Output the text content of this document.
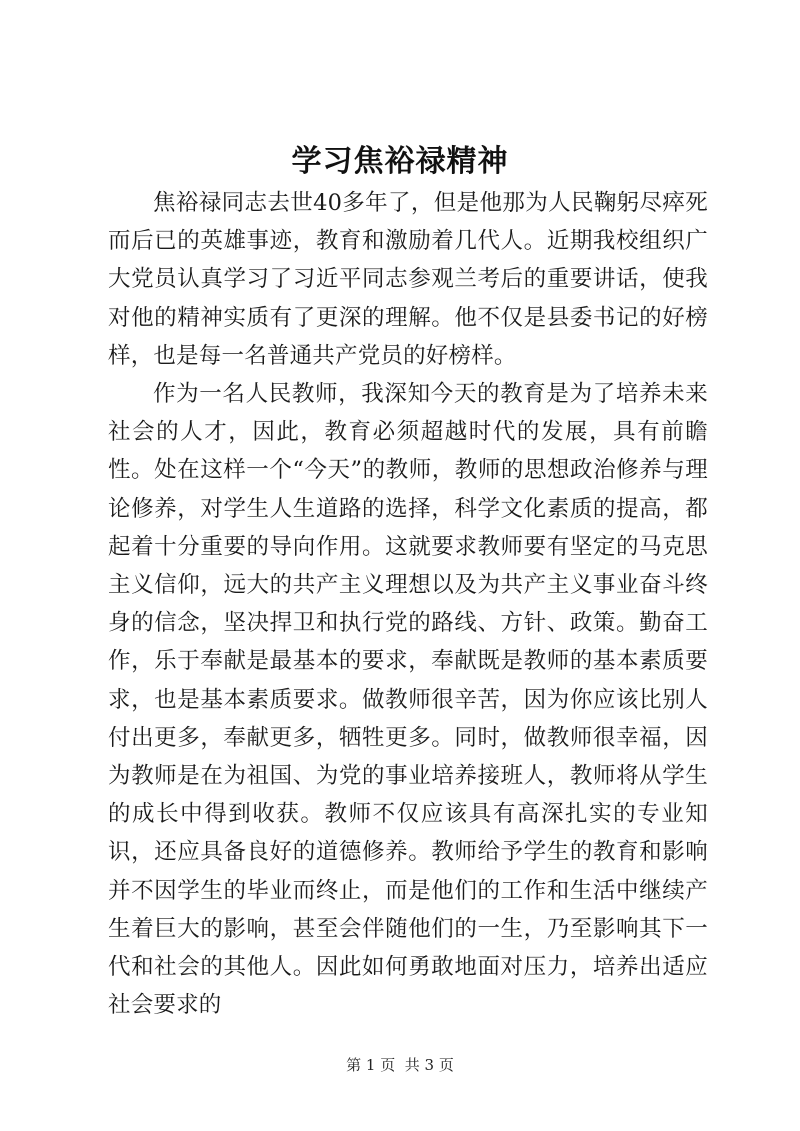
学习焦裕禄精神

焦裕禄同志去世40多年了，但是他那为人民鞠躬尽瘁死而后已的英雄事迹，教育和激励着几代人。近期我校组织广大党员认真学习了习近平同志参观兰考后的重要讲话，使我对他的精神实质有了更深的理解。他不仅是县委书记的好榜样，也是每一名普通共产党员的好榜样。

作为一名人民教师，我深知今天的教育是为了培养未来社会的人才，因此，教育必须超越时代的发展，具有前瞻性。处在这样一个“今天”的教师，教师的思想政治修养与理论修养，对学生人生道路的选择，科学文化素质的提高，都起着十分重要的导向作用。这就要求教师要有坚定的马克思主义信仰，远大的共产主义理想以及为共产主义事业奋斗终身的信念，坚决捍卫和执行党的路线、方针、政策。勤奋工作，乐于奉献是最基本的要求，奉献既是教师的基本素质要求，也是基本素质要求。做教师很辛苦，因为你应该比别人付出更多，奉献更多，牺牲更多。同时，做教师很幸福，因为教师是在为祖国、为党的事业培养接班人，教师将从学生的成长中得到收获。教师不仅应该具有高深扎实的专业知识，还应具备良好的道德修养。教师给予学生的教育和影响并不因学生的毕业而终止，而是他们的工作和生活中继续产生着巨大的影响，甚至会伴随他们的一生，乃至影响其下一代和社会的其他人。因此如何勇敢地面对压力，培养出适应社会要求的

第 1 页  共 3 页
